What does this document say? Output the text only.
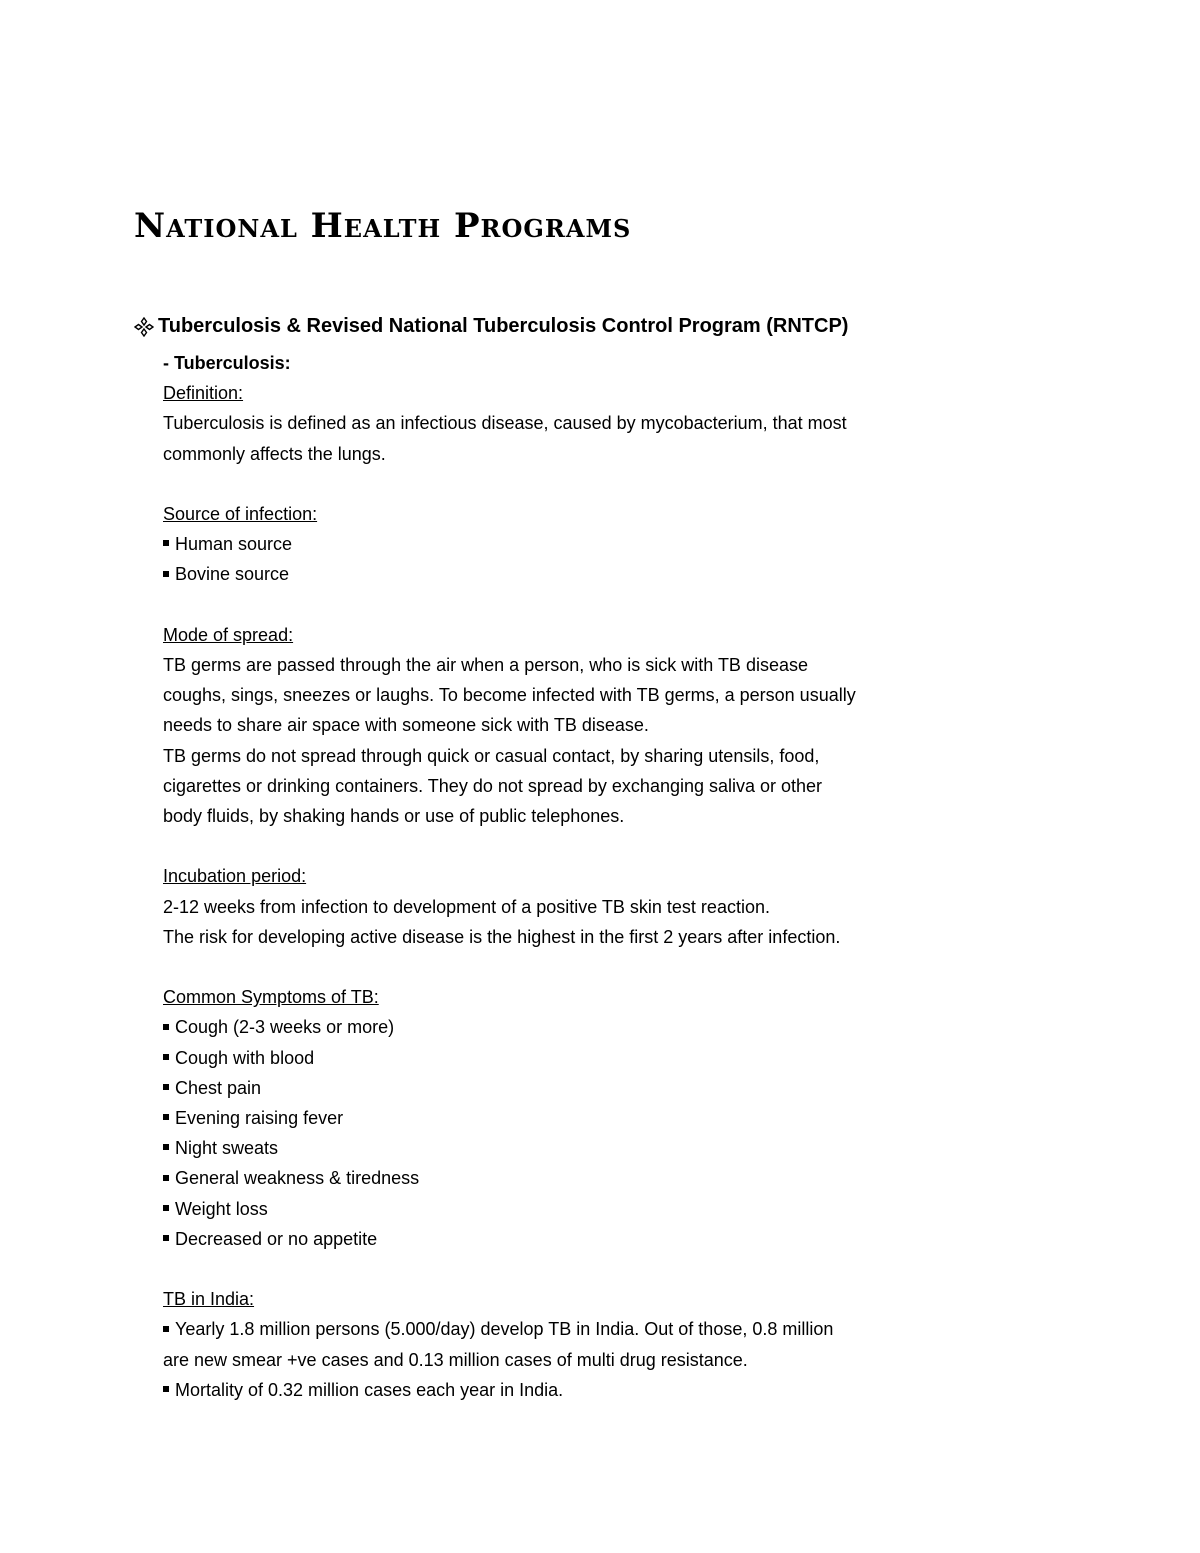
National Health Programs
Tuberculosis & Revised National Tuberculosis Control Program (RNTCP)
- Tuberculosis:
Definition:
Tuberculosis is defined as an infectious disease, caused by mycobacterium, that most
commonly affects the lungs.
Source of infection:
Human source
Bovine source
Mode of spread:
TB germs are passed through the air when a person, who is sick with TB disease
coughs, sings, sneezes or laughs. To become infected with TB germs, a person usually
needs to share air space with someone sick with TB disease.
TB germs do not spread through quick or casual contact, by sharing utensils, food,
cigarettes or drinking containers. They do not spread by exchanging saliva or other
body fluids, by shaking hands or use of public telephones.
Incubation period:
2-12 weeks from infection to development of a positive TB skin test reaction.
The risk for developing active disease is the highest in the first 2 years after infection.
Common Symptoms of TB:
Cough (2-3 weeks or more)
Cough with blood
Chest pain
Evening raising fever
Night sweats
General weakness & tiredness
Weight loss
Decreased or no appetite
TB in India:
Yearly 1.8 million persons (5.000/day) develop TB in India. Out of those, 0.8 million
are new smear +ve cases and 0.13 million cases of multi drug resistance.
Mortality of 0.32 million cases each year in India.
